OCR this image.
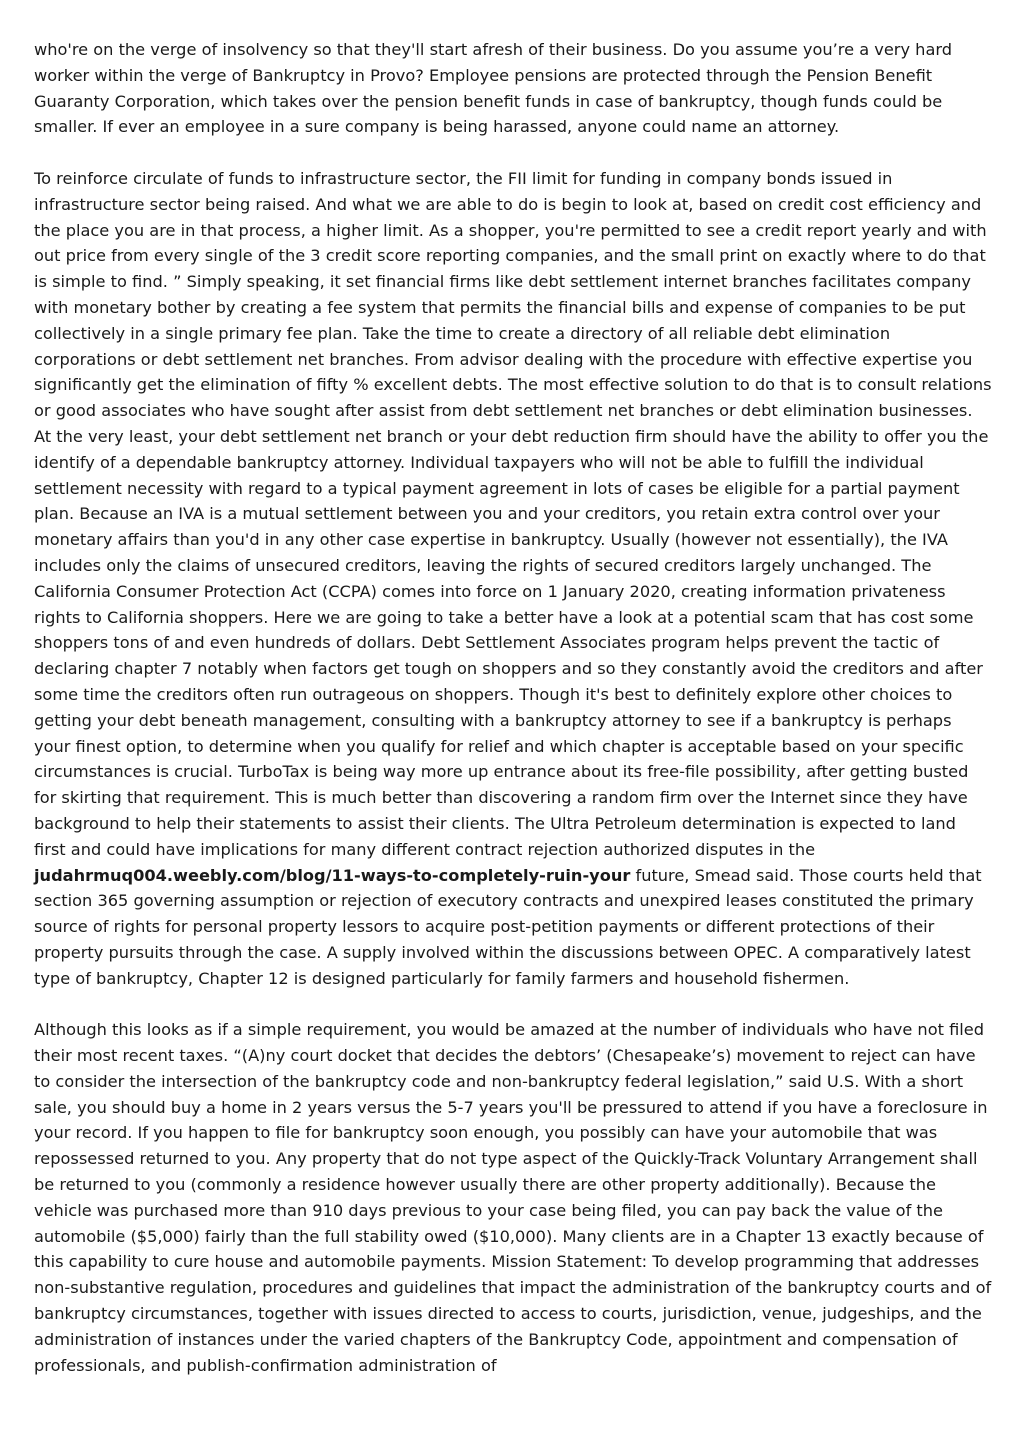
who're on the verge of insolvency so that they'll start afresh of their business. Do you assume you’re a very hard worker within the verge of Bankruptcy in Provo? Employee pensions are protected through the Pension Benefit Guaranty Corporation, which takes over the pension benefit funds in case of bankruptcy, though funds could be smaller. If ever an employee in a sure company is being harassed, anyone could name an attorney.

To reinforce circulate of funds to infrastructure sector, the FII limit for funding in company bonds issued in infrastructure sector being raised. And what we are able to do is begin to look at, based on credit cost efficiency and the place you are in that process, a higher limit. As a shopper, you're permitted to see a credit report yearly and with out price from every single of the 3 credit score reporting companies, and the small print on exactly where to do that is simple to find. ” Simply speaking, it set financial firms like debt settlement internet branches facilitates company with monetary bother by creating a fee system that permits the financial bills and expense of companies to be put collectively in a single primary fee plan. Take the time to create a directory of all reliable debt elimination corporations or debt settlement net branches. From advisor dealing with the procedure with effective expertise you significantly get the elimination of fifty % excellent debts. The most effective solution to do that is to consult relations or good associates who have sought after assist from debt settlement net branches or debt elimination businesses. At the very least, your debt settlement net branch or your debt reduction firm should have the ability to offer you the identify of a dependable bankruptcy attorney. Individual taxpayers who will not be able to fulfill the individual settlement necessity with regard to a typical payment agreement in lots of cases be eligible for a partial payment plan. Because an IVA is a mutual settlement between you and your creditors, you retain extra control over your monetary affairs than you'd in any other case expertise in bankruptcy. Usually (however not essentially), the IVA includes only the claims of unsecured creditors, leaving the rights of secured creditors largely unchanged. The California Consumer Protection Act (CCPA) comes into force on 1 January 2020, creating information privateness rights to California shoppers. Here we are going to take a better have a look at a potential scam that has cost some shoppers tons of and even hundreds of dollars. Debt Settlement Associates program helps prevent the tactic of declaring chapter 7 notably when factors get tough on shoppers and so they constantly avoid the creditors and after some time the creditors often run outrageous on shoppers. Though it's best to definitely explore other choices to getting your debt beneath management, consulting with a bankruptcy attorney to see if a bankruptcy is perhaps your finest option, to determine when you qualify for relief and which chapter is acceptable based on your specific circumstances is crucial. TurboTax is being way more up entrance about its free-file possibility, after getting busted for skirting that requirement. This is much better than discovering a random firm over the Internet since they have background to help their statements to assist their clients. The Ultra Petroleum determination is expected to land first and could have implications for many different contract rejection authorized disputes in the judahrmuq004.weebly.com/blog/11-ways-to-completely-ruin-your future, Smead said. Those courts held that section 365 governing assumption or rejection of executory contracts and unexpired leases constituted the primary source of rights for personal property lessors to acquire post-petition payments or different protections of their property pursuits through the case. A supply involved within the discussions between OPEC. A comparatively latest type of bankruptcy, Chapter 12 is designed particularly for family farmers and household fishermen.

Although this looks as if a simple requirement, you would be amazed at the number of individuals who have not filed their most recent taxes. “(A)ny court docket that decides the debtors’ (Chesapeake’s) movement to reject can have to consider the intersection of the bankruptcy code and non-bankruptcy federal legislation,” said U.S. With a short sale, you should buy a home in 2 years versus the 5-7 years you'll be pressured to attend if you have a foreclosure in your record. If you happen to file for bankruptcy soon enough, you possibly can have your automobile that was repossessed returned to you. Any property that do not type aspect of the Quickly-Track Voluntary Arrangement shall be returned to you (commonly a residence however usually there are other property additionally). Because the vehicle was purchased more than 910 days previous to your case being filed, you can pay back the value of the automobile ($5,000) fairly than the full stability owed ($10,000). Many clients are in a Chapter 13 exactly because of this capability to cure house and automobile payments. Mission Statement: To develop programming that addresses non-substantive regulation, procedures and guidelines that impact the administration of the bankruptcy courts and of bankruptcy circumstances, together with issues directed to access to courts, jurisdiction, venue, judgeships, and the administration of instances under the varied chapters of the Bankruptcy Code, appointment and compensation of professionals, and publish-confirmation administration of
